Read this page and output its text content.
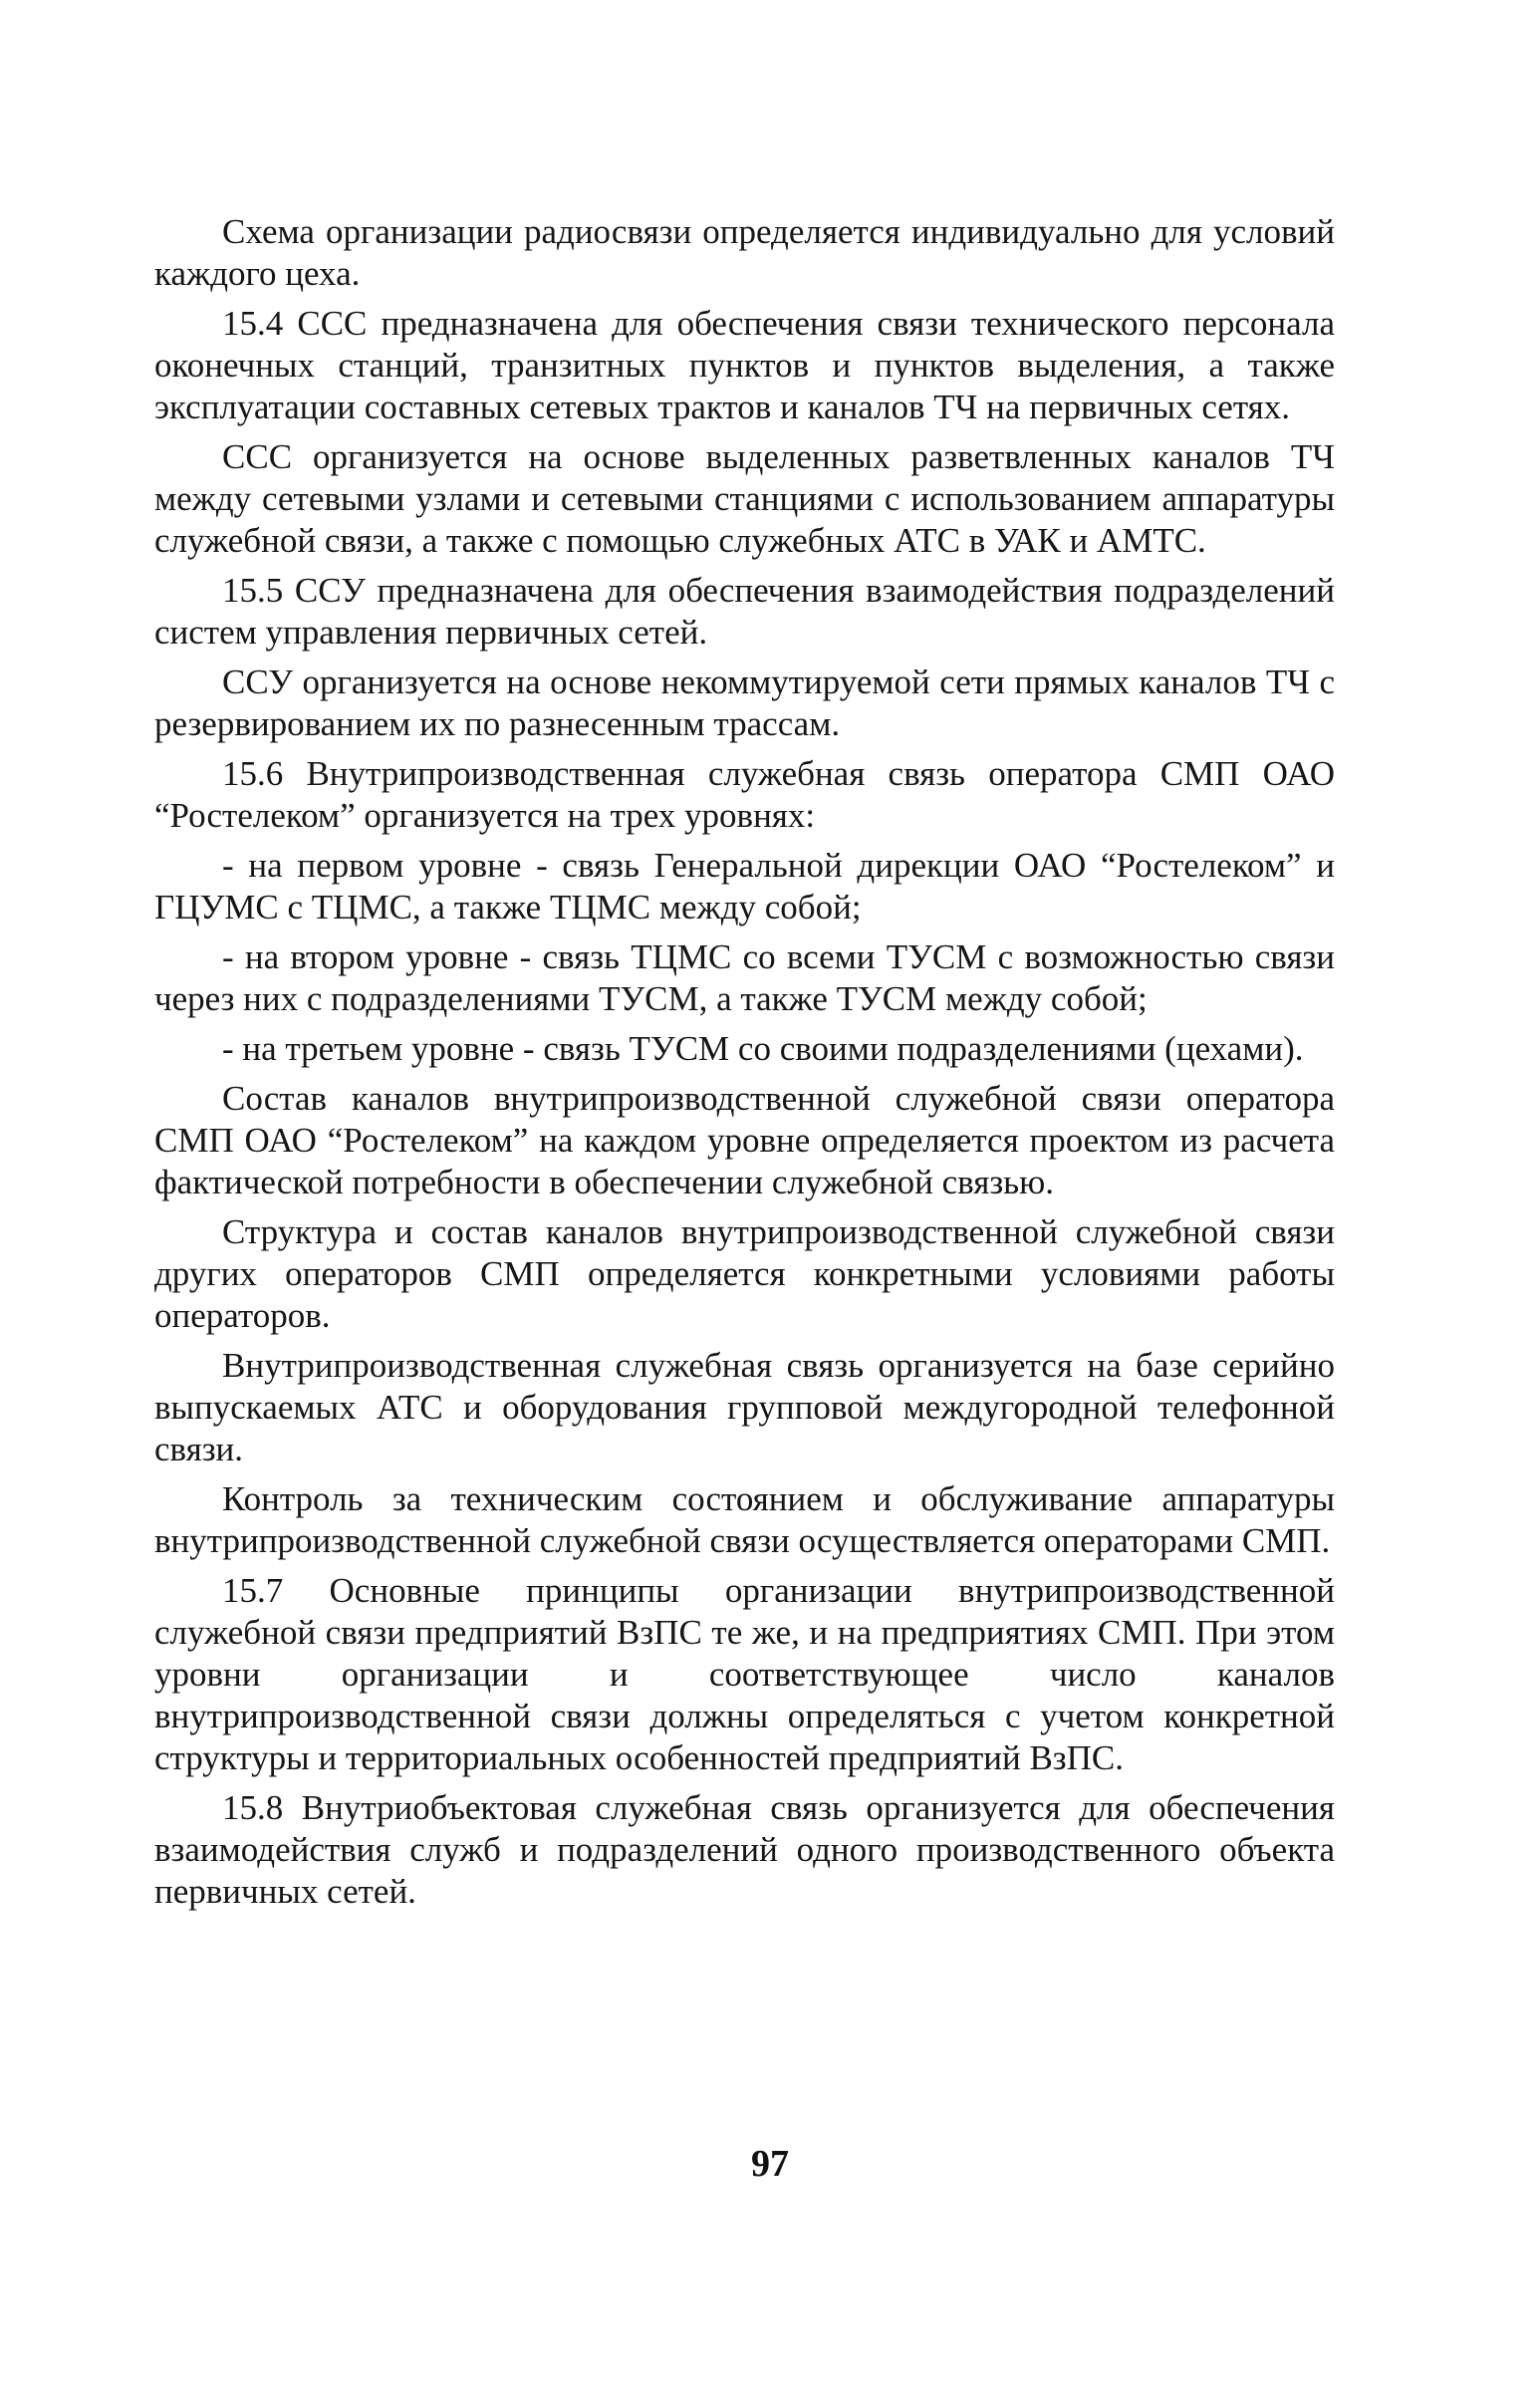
Схема организации радиосвязи определяется индивидуально для условий каждого цеха.

15.4 ССС предназначена для обеспечения связи технического персонала оконечных станций, транзитных пунктов и пунктов выделения, а также эксплуатации составных сетевых трактов и каналов ТЧ на первичных сетях.

ССС организуется на основе выделенных разветвленных каналов ТЧ между сетевыми узлами и сетевыми станциями с использованием аппаратуры служебной связи, а также с помощью служебных АТС в УАК и АМТС.

15.5 ССУ предназначена для обеспечения взаимодействия подразделений систем управления первичных сетей.

ССУ организуется на основе некоммутируемой сети прямых каналов ТЧ с резервированием их по разнесенным трассам.

15.6 Внутрипроизводственная служебная связь оператора СМП ОАО “Ростелеком” организуется на трех уровнях:

- на первом уровне - связь Генеральной дирекции ОАО “Ростелеком” и ГЦУМС с ТЦМС, а также ТЦМС между собой;

- на втором уровне - связь ТЦМС со всеми ТУСМ с возможностью связи через них с подразделениями ТУСМ, а также ТУСМ между собой;

- на третьем уровне - связь ТУСМ со своими подразделениями (цехами).

Состав каналов внутрипроизводственной служебной связи оператора СМП ОАО “Ростелеком” на каждом уровне определяется проектом из расчета фактической потребности в обеспечении служебной связью.

Структура и состав каналов внутрипроизводственной служебной связи других операторов СМП определяется конкретными условиями работы операторов.

Внутрипроизводственная служебная связь организуется на базе серийно выпускаемых АТС и оборудования групповой междугородной телефонной связи.

Контроль за техническим состоянием и обслуживание аппаратуры внутрипроизводственной служебной связи осуществляется операторами СМП.

15.7 Основные принципы организации внутрипроизводственной служебной связи предприятий ВзПС те же, и на предприятиях СМП. При этом уровни организации и соответствующее число каналов внутрипроизводственной связи должны определяться с учетом конкретной структуры и территориальных особенностей предприятий ВзПС.

15.8 Внутриобъектовая служебная связь организуется для обеспечения взаимодействия служб и подразделений одного производственного объекта первичных сетей.

97
